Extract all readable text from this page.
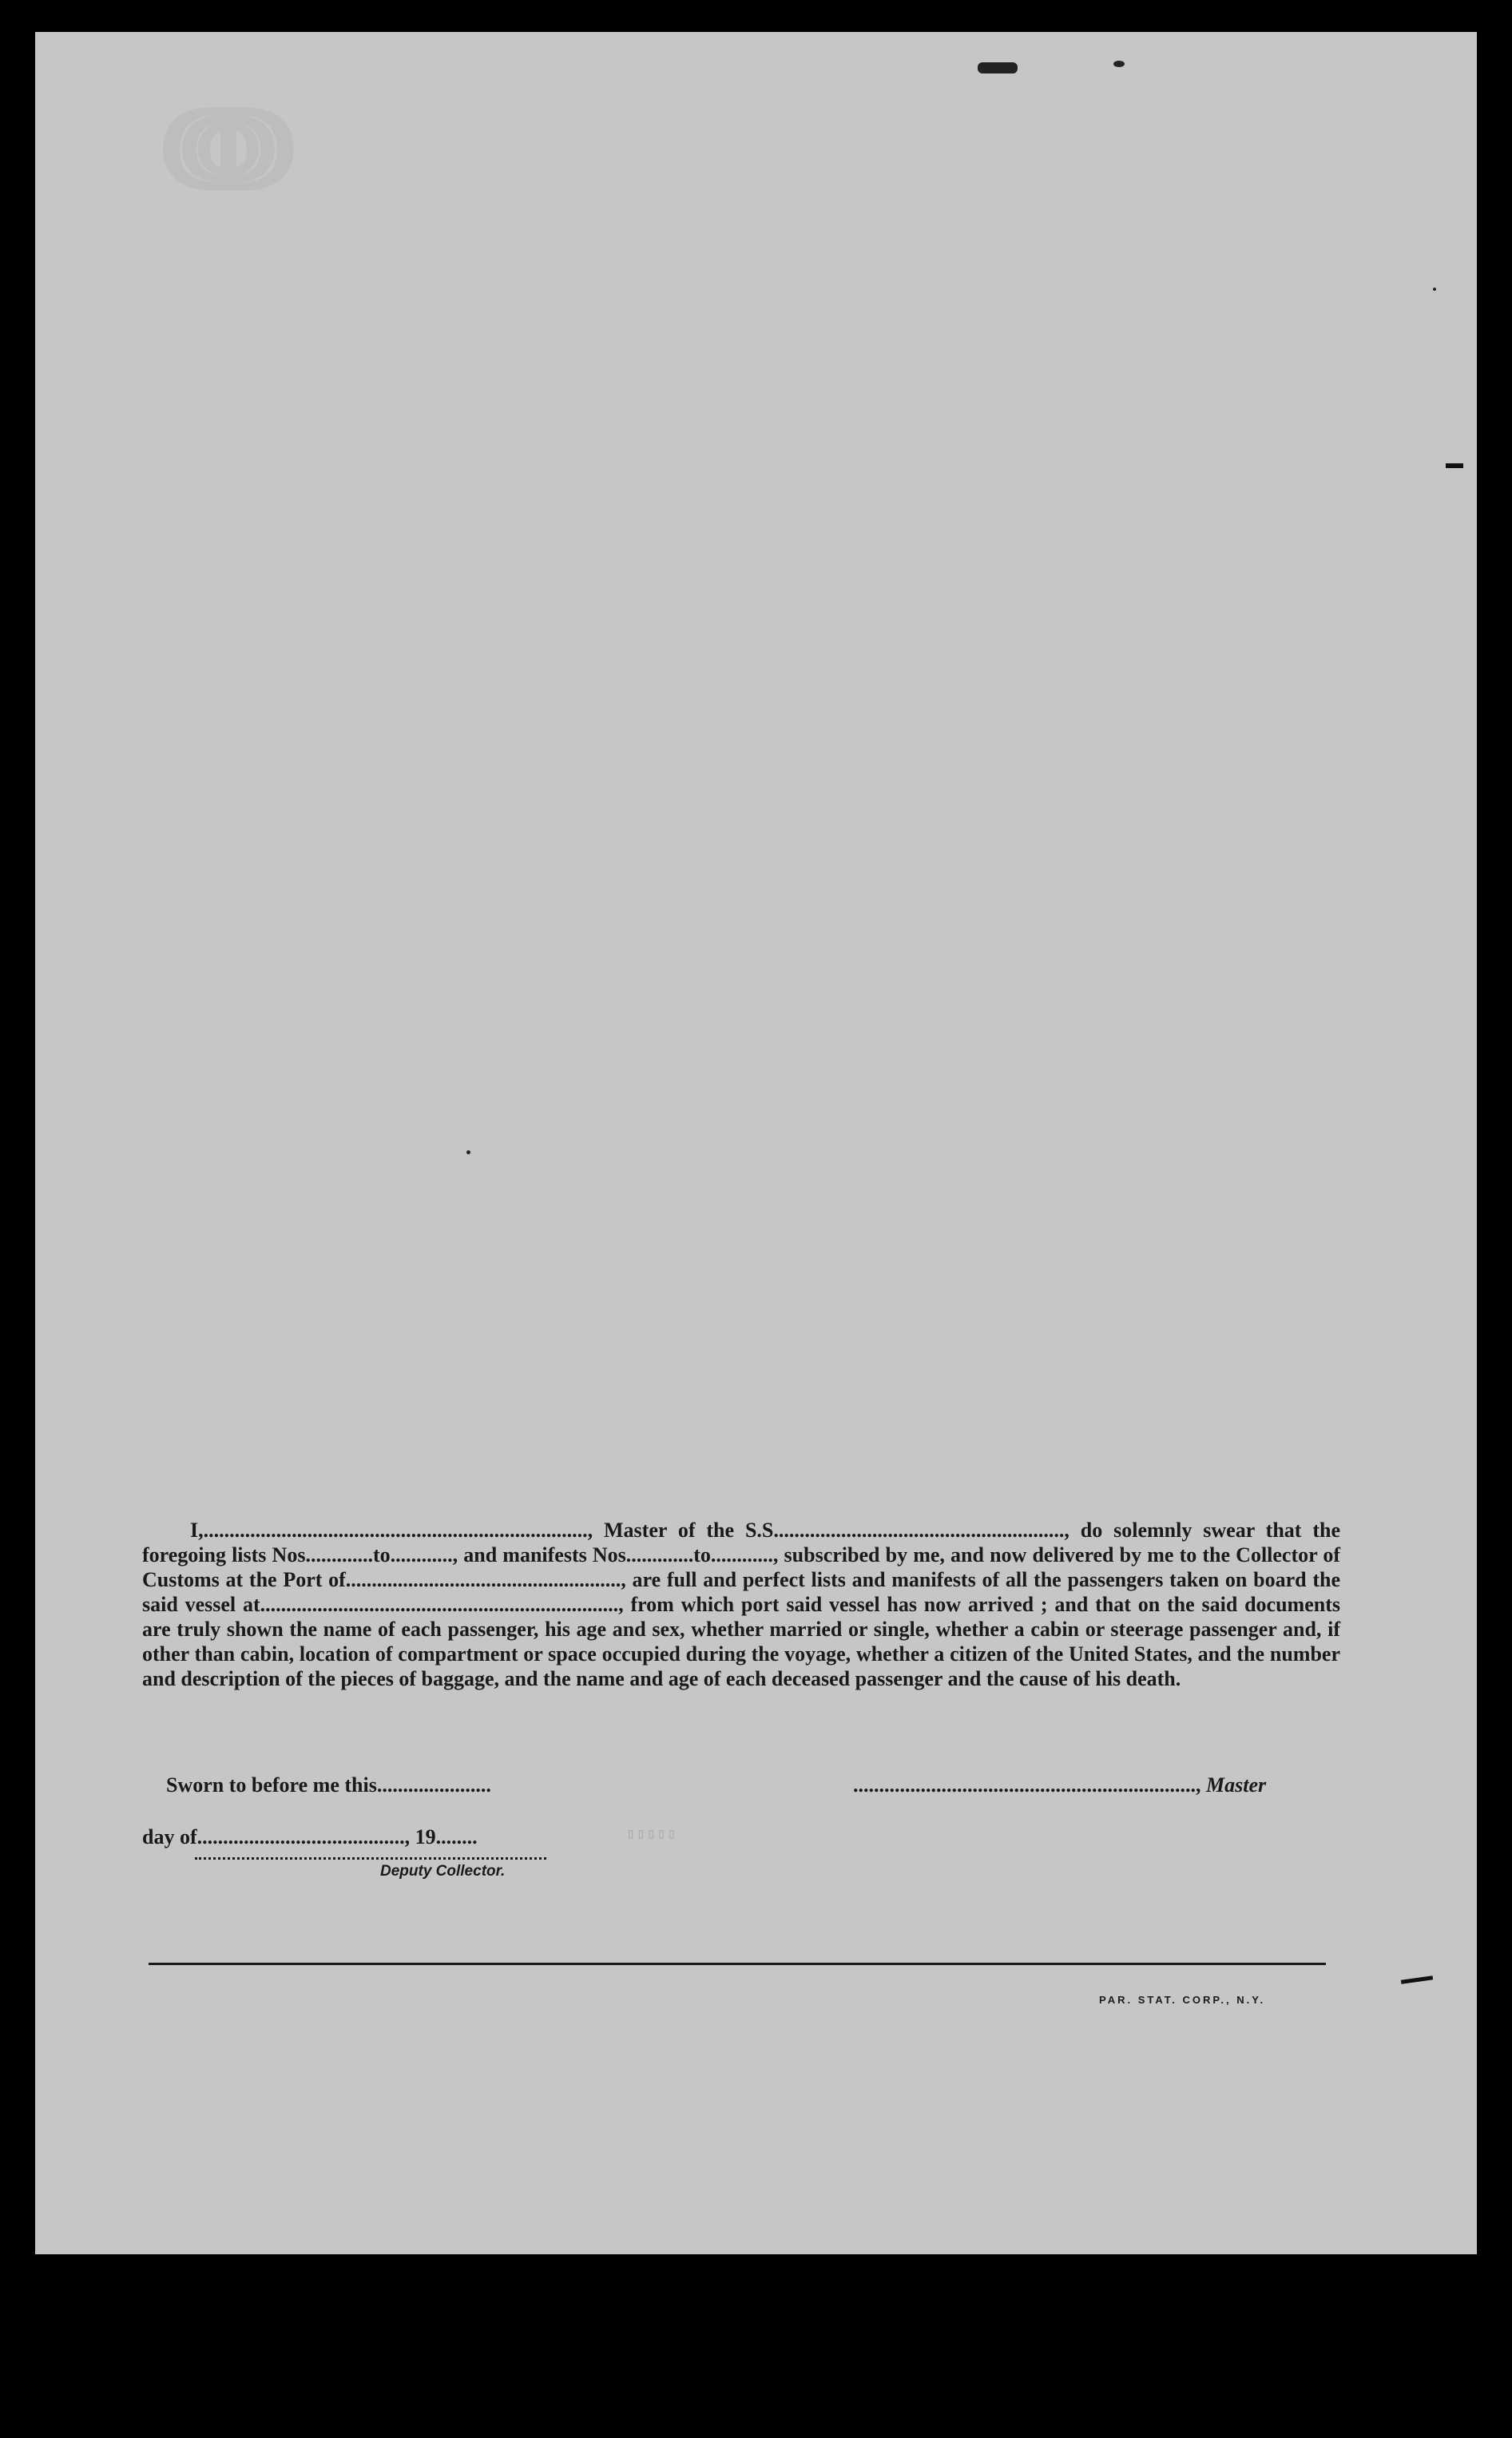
ↈ

I,.........................................................................., Master of the S.S........................................................, do solemnly swear that the foregoing lists Nos.............to............, and manifests Nos.............to............, subscribed by me, and now delivered by me to the Collector of Customs at the Port of....................................................., are full and perfect lists and manifests of all the passengers taken on board the said vessel at....................................................................., from which port said vessel has now arrived ; and that on the said documents are truly shown the name of each passenger, his age and sex, whether married or single, whether a cabin or steerage passenger and, if other than cabin, location of compartment or space occupied during the voyage, whether a citizen of the United States, and the number and description of the pieces of baggage, and the name and age of each deceased passenger and the cause of his death.

Sworn to before me this......................	.................................................................., Master
day of........................................, 19........	▯▯▯▯▯
Deputy Collector.
PAR. STAT. CORP., N.Y.
